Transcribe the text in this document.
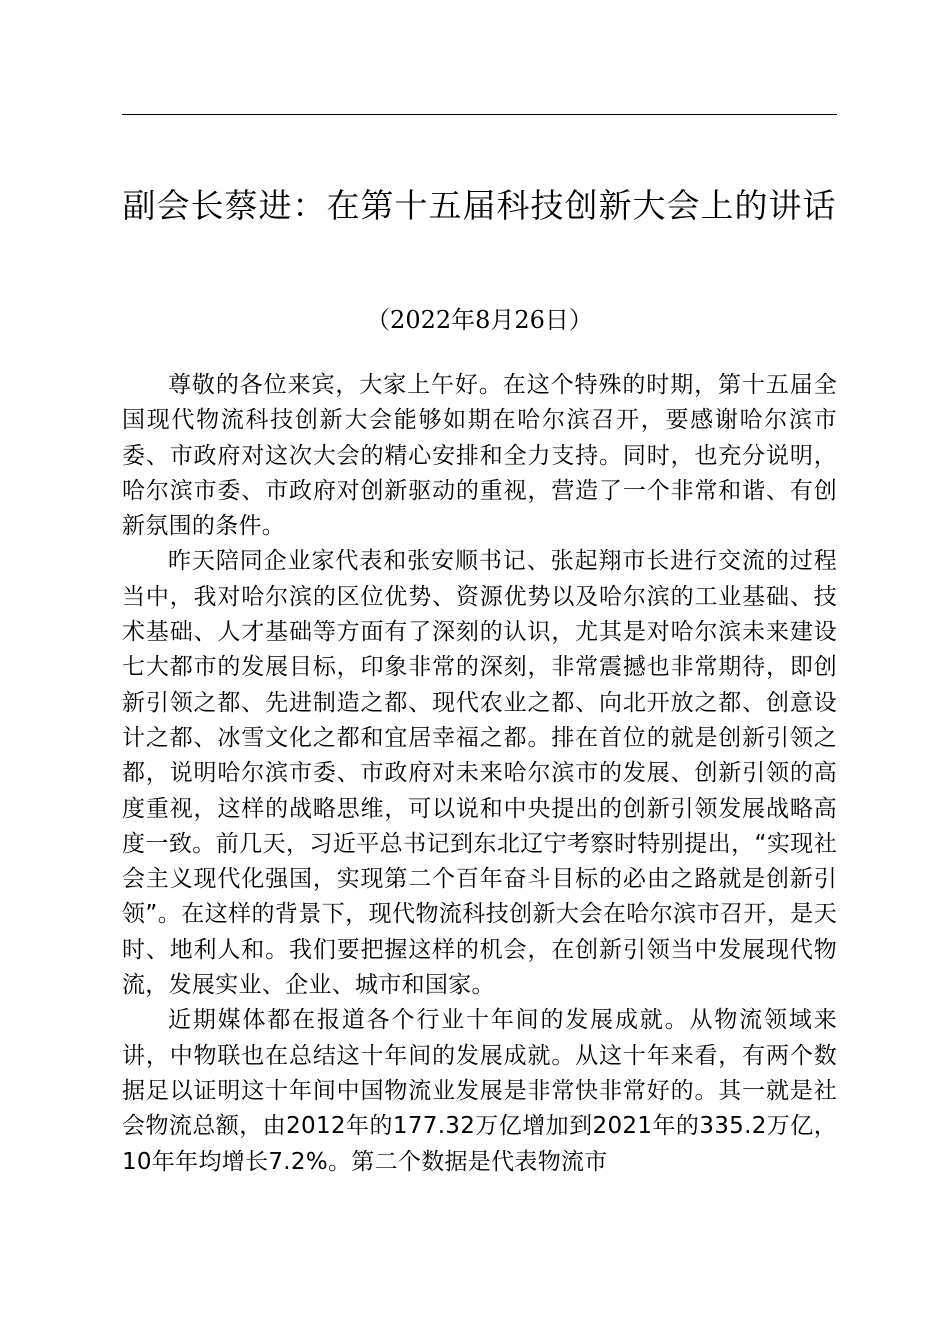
副会长蔡进：在第十五届科技创新大会上的讲话
（2022年8月26日）

尊敬的各位来宾，大家上午好。在这个特殊的时期，第十五届全国现代物流科技创新大会能够如期在哈尔滨召开，要感谢哈尔滨市委、市政府对这次大会的精心安排和全力支持。同时，也充分说明，哈尔滨市委、市政府对创新驱动的重视，营造了一个非常和谐、有创新氛围的条件。

昨天陪同企业家代表和张安顺书记、张起翔市长进行交流的过程当中，我对哈尔滨的区位优势、资源优势以及哈尔滨的工业基础、技术基础、人才基础等方面有了深刻的认识，尤其是对哈尔滨未来建设七大都市的发展目标，印象非常的深刻，非常震撼也非常期待，即创新引领之都、先进制造之都、现代农业之都、向北开放之都、创意设计之都、冰雪文化之都和宜居幸福之都。排在首位的就是创新引领之都，说明哈尔滨市委、市政府对未来哈尔滨市的发展、创新引领的高度重视，这样的战略思维，可以说和中央提出的创新引领发展战略高度一致。前几天，习近平总书记到东北辽宁考察时特别提出，“实现社会主义现代化强国，实现第二个百年奋斗目标的必由之路就是创新引领”。在这样的背景下，现代物流科技创新大会在哈尔滨市召开，是天时、地利人和。我们要把握这样的机会，在创新引领当中发展现代物流，发展实业、企业、城市和国家。

近期媒体都在报道各个行业十年间的发展成就。从物流领域来讲，中物联也在总结这十年间的发展成就。从这十年来看，有两个数据足以证明这十年间中国物流业发展是非常快非常好的。其一就是社会物流总额，由2012年的177.32万亿增加到2021年的335.2万亿，10年年均增长7.2%。第二个数据是代表物流市
